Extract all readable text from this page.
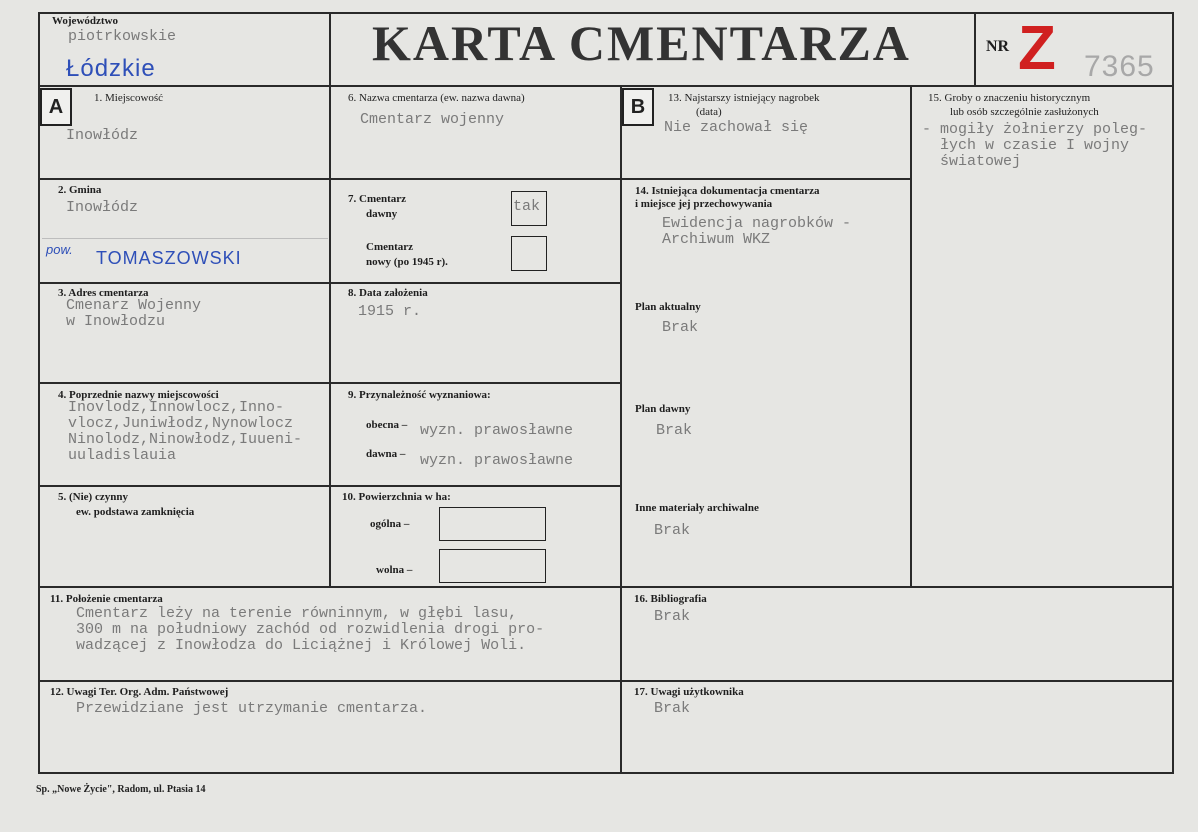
Województwo
piotrkowskie
Łódzkie	KARTA CMENTARZA	NR Z 7365
A	B
1. Miejscowość
Inowłódz
2. Gmina
Inowłódz
pow. TOMASZOWSKI
3. Adres cmentarza
Cmenarz Wojenny
w Inowłodzu
4. Poprzednie nazwy miejscowości
Inovlodz,Innowlocz,Inno-
vlocz,Juniwłodz,Nynowlocz
Ninolodz,Ninowłodz,Iuueni-
uuladislauia
5. (Nie) czynny
ew. podstawa zamknięcia
6. Nazwa cmentarza (ew. nazwa dawna)
Cmentarz wojenny
7. Cmentarz
dawny	tak
Cmentarz
nowy (po 1945 r).
8. Data założenia
1915 r.
9. Przynależność wyznaniowa:
obecna – wyzn. prawosławne
dawna – wyzn. prawosławne
10. Powierzchnia w ha:
ogólna –
wolna –
13. Najstarszy istniejący nagrobek
(data)
Nie zachował się
14. Istniejąca dokumentacja cmentarza
i miejsce jej przechowywania
Ewidencja nagrobków -
Archiwum WKZ
Plan aktualny
Brak
Plan dawny
Brak
Inne materiały archiwalne
Brak
15. Groby o znaczeniu historycznym
lub osób szczególnie zasłużonych
- mogiły żołnierzy poleg-
łych w czasie I wojny
światowej
11. Położenie cmentarza
Cmentarz leży na terenie równinnym, w głębi lasu,
300 m na południowy zachód od rozwidlenia drogi pro-
wadzącej z Inowłodza do Liciążnej i Królowej Woli.
16. Bibliografia
Brak
12. Uwagi Ter. Org. Adm. Państwowej
Przewidziane jest utrzymanie cmentarza.
17. Uwagi użytkownika
Brak
Sp. „Nowe Życie", Radom, ul. Ptasia 14
